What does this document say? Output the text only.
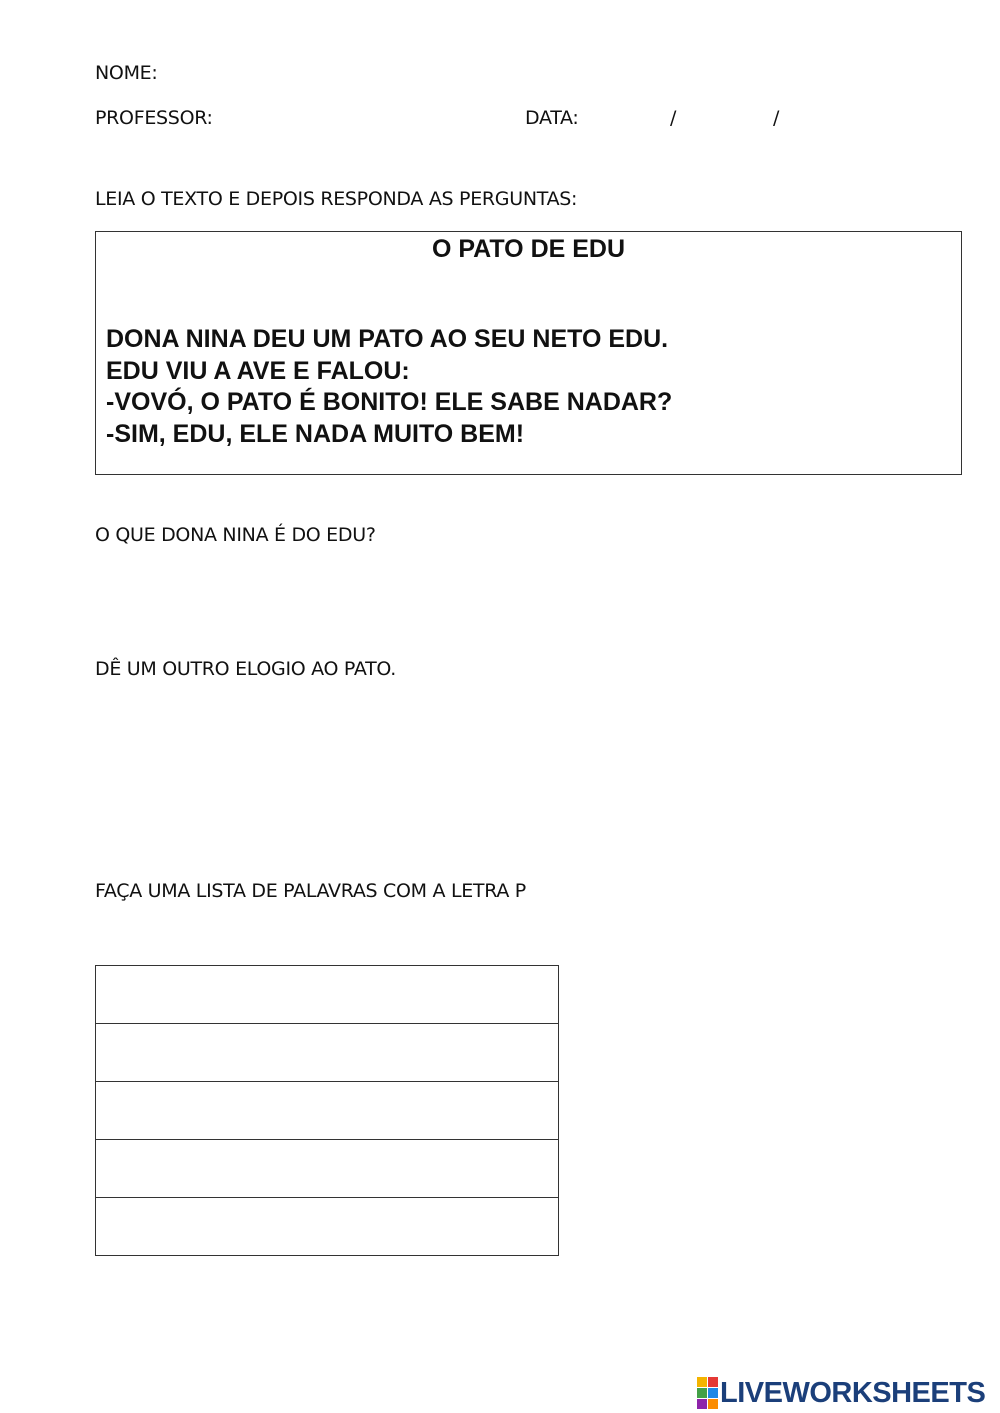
NOME:
PROFESSOR:	DATA:	/	/
LEIA O TEXTO E DEPOIS RESPONDA AS PERGUNTAS:
O PATO DE EDU
DONA NINA DEU UM PATO AO SEU NETO EDU.
EDU VIU A AVE E FALOU:
-VOVÓ, O PATO É BONITO! ELE SABE NADAR?
-SIM, EDU, ELE NADA MUITO BEM!
O QUE DONA NINA É DO EDU?
DÊ UM OUTRO ELOGIO AO PATO.
FAÇA UMA LISTA DE PALAVRAS COM A LETRA P

LIVEWORKSHEETS
